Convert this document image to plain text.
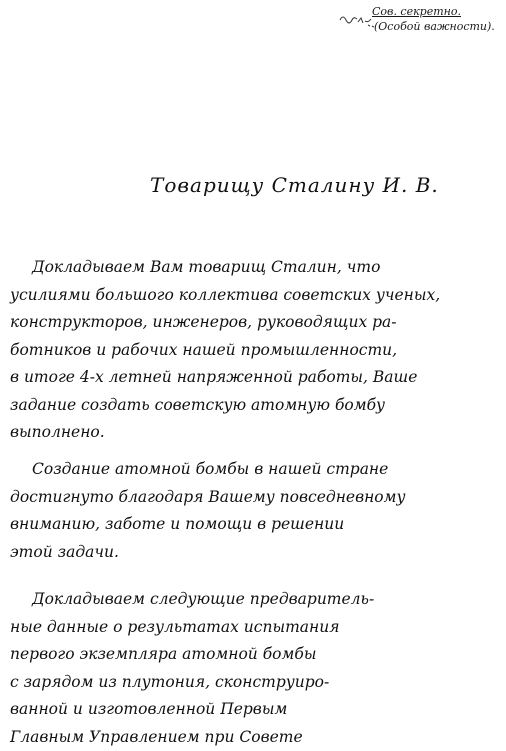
Сов. секретно.
(Особой важности).
Товарищу Сталину И. В.
Докладываем Вам товарищ Сталин, что
усилиями большого коллектива советских ученых,
конструкторов, инженеров, руководящих ра-
ботников и рабочих нашей промышленности,
в итоге 4-х летней напряженной работы, Ваше
задание создать советскую атомную бомбу
выполнено.
Создание атомной бомбы в нашей стране
достигнуто благодаря Вашему повседневному
вниманию, заботе и помощи в решении
этой задачи.
Докладываем следующие предваритель-
ные данные о результатах испытания
первого экземпляра атомной бомбы
с зарядом из плутония, сконструиро-
ванной и изготовленной Первым
Главным Управлением при Совете
